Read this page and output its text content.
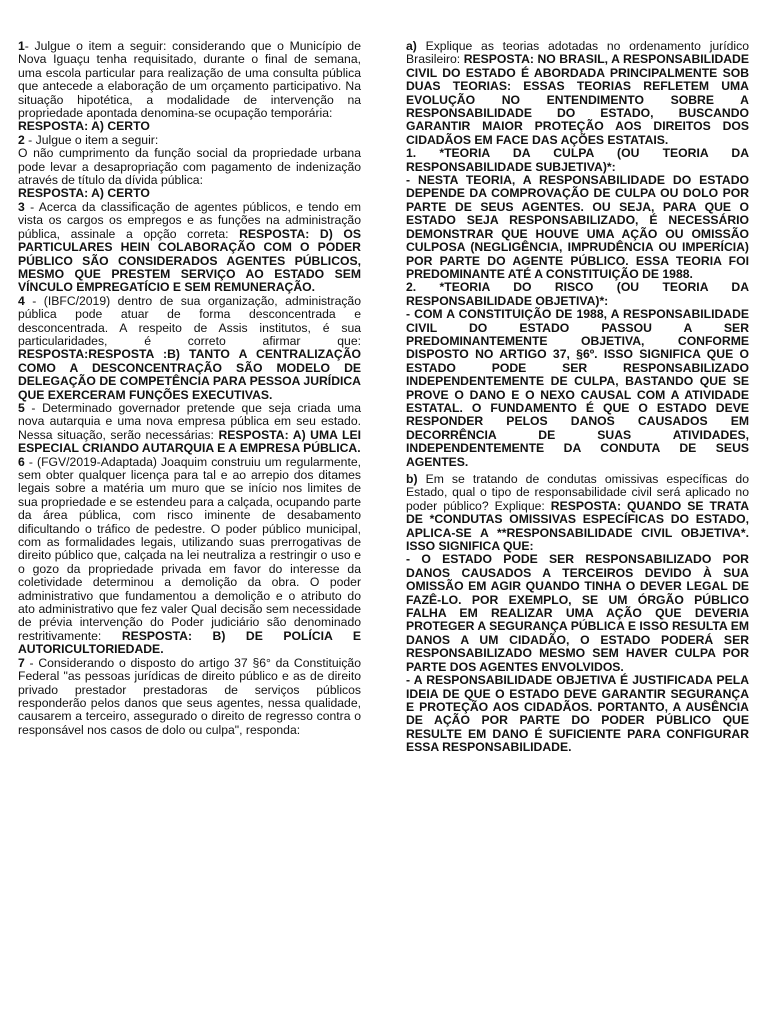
1- Julgue o item a seguir: considerando que o Município de Nova Iguaçu tenha requisitado, durante o final de semana, uma escola particular para realização de uma consulta pública que antecede a elaboração de um orçamento participativo. Na situação hipotética, a modalidade de intervenção na propriedade apontada denomina-se ocupação temporária:

RESPOSTA: A) CERTO

2 - Julgue o item a seguir:

O não cumprimento da função social da propriedade urbana pode levar a desapropriação com pagamento de indenização através de título da dívida pública:

RESPOSTA: A) CERTO

3 - Acerca da classificação de agentes públicos, e tendo em vista os cargos os empregos e as funções na administração pública, assinale a opção correta: RESPOSTA: D) OS PARTICULARES HEIN COLABORAÇÃO COM O PODER PÚBLICO SÃO CONSIDERADOS AGENTES PÚBLICOS, MESMO QUE PRESTEM SERVIÇO AO ESTADO SEM VÍNCULO EMPREGATÍCIO E SEM REMUNERAÇÃO.

4 - (IBFC/2019) dentro de sua organização, administração pública pode atuar de forma desconcentrada e desconcentrada. A respeito de Assis institutos, é sua particularidades, é correto afirmar que: RESPOSTA:RESPOSTA :B) TANTO A CENTRALIZAÇÃO COMO A DESCONCENTRAÇÃO SÃO MODELO DE DELEGAÇÃO DE COMPETÊNCIA PARA PESSOA JURÍDICA QUE EXERCERAM FUNÇÕES EXECUTIVAS.

5 - Determinado governador pretende que seja criada uma nova autarquia e uma nova empresa pública em seu estado. Nessa situação, serão necessárias: RESPOSTA: A) UMA LEI ESPECIAL CRIANDO AUTARQUIA E A EMPRESA PÚBLICA.

6 - (FGV/2019-Adaptada) Joaquim construiu um regularmente, sem obter qualquer licença para tal e ao arrepio dos ditames legais sobre a matéria um muro que se início nos limites de sua propriedade e se estendeu para a calçada, ocupando parte da área pública, com risco iminente de desabamento dificultando o tráfico de pedestre. O poder público municipal, com as formalidades legais, utilizando suas prerrogativas de direito público que, calçada na lei neutraliza a restringir o uso e o gozo da propriedade privada em favor do interesse da coletividade determinou a demolição da obra. O poder administrativo que fundamentou a demolição e o atributo do ato administrativo que fez valer Qual decisão sem necessidade de prévia intervenção do Poder judiciário são denominado restritivamente: RESPOSTA: B) DE POLÍCIA E AUTORICULTORIEDADE.

7 - Considerando o disposto do artigo 37 §6° da Constituição Federal "as pessoas jurídicas de direito público e as de direito privado prestador prestadoras de serviços públicos responderão pelos danos que seus agentes, nessa qualidade, causarem a terceiro, assegurado o direito de regresso contra o responsável nos casos de dolo ou culpa", responda:

a) Explique as teorias adotadas no ordenamento jurídico Brasileiro: RESPOSTA: NO BRASIL, A RESPONSABILIDADE CIVIL DO ESTADO É ABORDADA PRINCIPALMENTE SOB DUAS TEORIAS: ESSAS TEORIAS REFLETEM UMA EVOLUÇÃO NO ENTENDIMENTO SOBRE A RESPONSABILIDADE DO ESTADO, BUSCANDO GARANTIR MAIOR PROTEÇÃO AOS DIREITOS DOS CIDADÃOS EM FACE DAS AÇÕES ESTATAIS.

1. *TEORIA DA CULPA (OU TEORIA DA RESPONSABILIDADE SUBJETIVA)*:

- NESTA TEORIA, A RESPONSABILIDADE DO ESTADO DEPENDE DA COMPROVAÇÃO DE CULPA OU DOLO POR PARTE DE SEUS AGENTES. OU SEJA, PARA QUE O ESTADO SEJA RESPONSABILIZADO, É NECESSÁRIO DEMONSTRAR QUE HOUVE UMA AÇÃO OU OMISSÃO CULPOSA (NEGLIGÊNCIA, IMPRUDÊNCIA OU IMPERÍCIA) POR PARTE DO AGENTE PÚBLICO. ESSA TEORIA FOI PREDOMINANTE ATÉ A CONSTITUIÇÃO DE 1988.

2. *TEORIA DO RISCO (OU TEORIA DA RESPONSABILIDADE OBJETIVA)*:

- COM A CONSTITUIÇÃO DE 1988, A RESPONSABILIDADE CIVIL DO ESTADO PASSOU A SER PREDOMINANTEMENTE OBJETIVA, CONFORME DISPOSTO NO ARTIGO 37, §6º. ISSO SIGNIFICA QUE O ESTADO PODE SER RESPONSABILIZADO INDEPENDENTEMENTE DE CULPA, BASTANDO QUE SE PROVE O DANO E O NEXO CAUSAL COM A ATIVIDADE ESTATAL. O FUNDAMENTO É QUE O ESTADO DEVE RESPONDER PELOS DANOS CAUSADOS EM DECORRÊNCIA DE SUAS ATIVIDADES, INDEPENDENTEMENTE DA CONDUTA DE SEUS AGENTES.

b) Em se tratando de condutas omissivas específicas do Estado, qual o tipo de responsabilidade civil será aplicado no poder público? Explique: RESPOSTA: QUANDO SE TRATA DE *CONDUTAS OMISSIVAS ESPECÍFICAS DO ESTADO, APLICA-SE A **RESPONSABILIDADE CIVIL OBJETIVA*. ISSO SIGNIFICA QUE:

- O ESTADO PODE SER RESPONSABILIZADO POR DANOS CAUSADOS A TERCEIROS DEVIDO À SUA OMISSÃO EM AGIR QUANDO TINHA O DEVER LEGAL DE FAZÊ-LO. POR EXEMPLO, SE UM ÓRGÃO PÚBLICO FALHA EM REALIZAR UMA AÇÃO QUE DEVERIA PROTEGER A SEGURANÇA PÚBLICA E ISSO RESULTA EM DANOS A UM CIDADÃO, O ESTADO PODERÁ SER RESPONSABILIZADO MESMO SEM HAVER CULPA POR PARTE DOS AGENTES ENVOLVIDOS.

- A RESPONSABILIDADE OBJETIVA É JUSTIFICADA PELA IDEIA DE QUE O ESTADO DEVE GARANTIR SEGURANÇA E PROTEÇÃO AOS CIDADÃOS. PORTANTO, A AUSÊNCIA DE AÇÃO POR PARTE DO PODER PÚBLICO QUE RESULTE EM DANO É SUFICIENTE PARA CONFIGURAR ESSA RESPONSABILIDADE.
